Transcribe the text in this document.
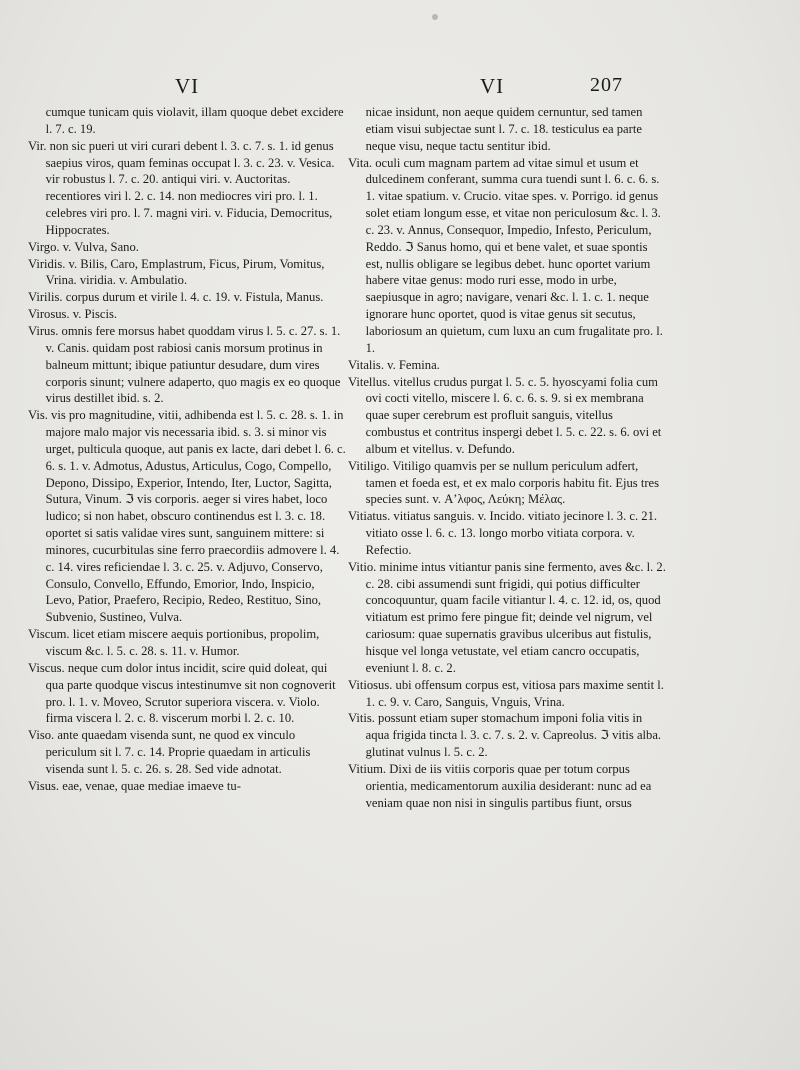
VI	VI	207

cumque tunicam quis violavit, illam quoque debet excidere l. 7. c. 19.

Vir. non sic pueri ut viri curari debent l. 3. c. 7. s. 1. id genus saepius viros, quam feminas occupat l. 3. c. 23. v. Vesica. vir robustus l. 7. c. 20. antiqui viri. v. Auctoritas. recentiores viri l. 2. c. 14. non mediocres viri pro. l. 1. celebres viri pro. l. 7. magni viri. v. Fiducia, Democritus, Hippocrates.

Virgo. v. Vulva, Sano.

Viridis. v. Bilis, Caro, Emplastrum, Ficus, Pirum, Vomitus, Vrina. viridia. v. Ambulatio.

Virilis. corpus durum et virile l. 4. c. 19. v. Fistula, Manus.

Virosus. v. Piscis.

Virus. omnis fere morsus habet quoddam virus l. 5. c. 27. s. 1. v. Canis. quidam post rabiosi canis morsum protinus in balneum mittunt; ibique patiuntur desudare, dum vires corporis sinunt; vulnere adaperto, quo magis ex eo quoque virus destillet ibid. s. 2.

Vis. vis pro magnitudine, vitii, adhibenda est l. 5. c. 28. s. 1. in majore malo major vis necessaria ibid. s. 3. si minor vis urget, pulticula quoque, aut panis ex lacte, dari debet l. 6. c. 6. s. 1. v. Admotus, Adustus, Articulus, Cogo, Compello, Depono, Dissipo, Experior, Intendo, Iter, Luctor, Sagitta, Sutura, Vinum. ℑ vis corporis. aeger si vires habet, loco ludico; si non habet, obscuro continendus est l. 3. c. 18. oportet si satis validae vires sunt, sanguinem mittere: si minores, cucurbitulas sine ferro praecordiis admovere l. 4. c. 14. vires reficiendae l. 3. c. 25. v. Adjuvo, Conservo, Consulo, Convello, Effundo, Emorior, Indo, Inspicio, Levo, Patior, Praefero, Recipio, Redeo, Restituo, Sino, Subvenio, Sustineo, Vulva.

Viscum. licet etiam miscere aequis portionibus, propolim, viscum &c. l. 5. c. 28. s. 11. v. Humor.

Viscus. neque cum dolor intus incidit, scire quid doleat, qui qua parte quodque viscus intestinumve sit non cognoverit pro. l. 1. v. Moveo, Scrutor superiora viscera. v. Violo. firma viscera l. 2. c. 8. viscerum morbi l. 2. c. 10.

Viso. ante quaedam visenda sunt, ne quod ex vinculo periculum sit l. 7. c. 14. Proprie quaedam in articulis visenda sunt l. 5. c. 26. s. 28. Sed vide adnotat.

Visus. eae, venae, quae mediae imaeve tu-

nicae insidunt, non aeque quidem cernuntur, sed tamen etiam visui subjectae sunt l. 7. c. 18. testiculus ea parte neque visu, neque tactu sentitur ibid.

Vita. oculi cum magnam partem ad vitae simul et usum et dulcedinem conferant, summa cura tuendi sunt l. 6. c. 6. s. 1. vitae spatium. v. Crucio. vitae spes. v. Porrigo. id genus solet etiam longum esse, et vitae non periculosum &c. l. 3. c. 23. v. Annus, Consequor, Impedio, Infesto, Periculum, Reddo. ℑ Sanus homo, qui et bene valet, et suae spontis est, nullis obligare se legibus debet. hunc oportet varium habere vitae genus: modo ruri esse, modo in urbe, saepiusque in agro; navigare, venari &c. l. 1. c. 1. neque ignorare hunc oportet, quod is vitae genus sit secutus, laboriosum an quietum, cum luxu an cum frugalitate pro. l. 1.

Vitalis. v. Femina.

Vitellus. vitellus crudus purgat l. 5. c. 5. hyoscyami folia cum ovi cocti vitello, miscere l. 6. c. 6. s. 9. si ex membrana quae super cerebrum est profluit sanguis, vitellus combustus et contritus inspergi debet l. 5. c. 22. s. 6. ovi et album et vitellus. v. Defundo.

Vitiligo. Vitiligo quamvis per se nullum periculum adfert, tamen et foeda est, et ex malo corporis habitu fit. Ejus tres species sunt. v. Αʼλφος, Λεύκη; Μέλας.

Vitiatus. vitiatus sanguis. v. Incido. vitiato jecinore l. 3. c. 21. vitiato osse l. 6. c. 13. longo morbo vitiata corpora. v. Refectio.

Vitio. minime intus vitiantur panis sine fermento, aves &c. l. 2. c. 28. cibi assumendi sunt frigidi, qui potius difficulter concoquuntur, quam facile vitiantur l. 4. c. 12. id, os, quod vitiatum est primo fere pingue fit; deinde vel nigrum, vel cariosum: quae supernatis gravibus ulceribus aut fistulis, hisque vel longa vetustate, vel etiam cancro occupatis, eveniunt l. 8. c. 2.

Vitiosus. ubi offensum corpus est, vitiosa pars maxime sentit l. 1. c. 9. v. Caro, Sanguis, Vnguis, Vrina.

Vitis. possunt etiam super stomachum imponi folia vitis in aqua frigida tincta l. 3. c. 7. s. 2. v. Capreolus. ℑ vitis alba. glutinat vulnus l. 5. c. 2.

Vitium. Dixi de iis vitiis corporis quae per totum corpus orientia, medicamentorum auxilia desiderant: nunc ad ea veniam quae non nisi in singulis partibus fiunt, orsus
